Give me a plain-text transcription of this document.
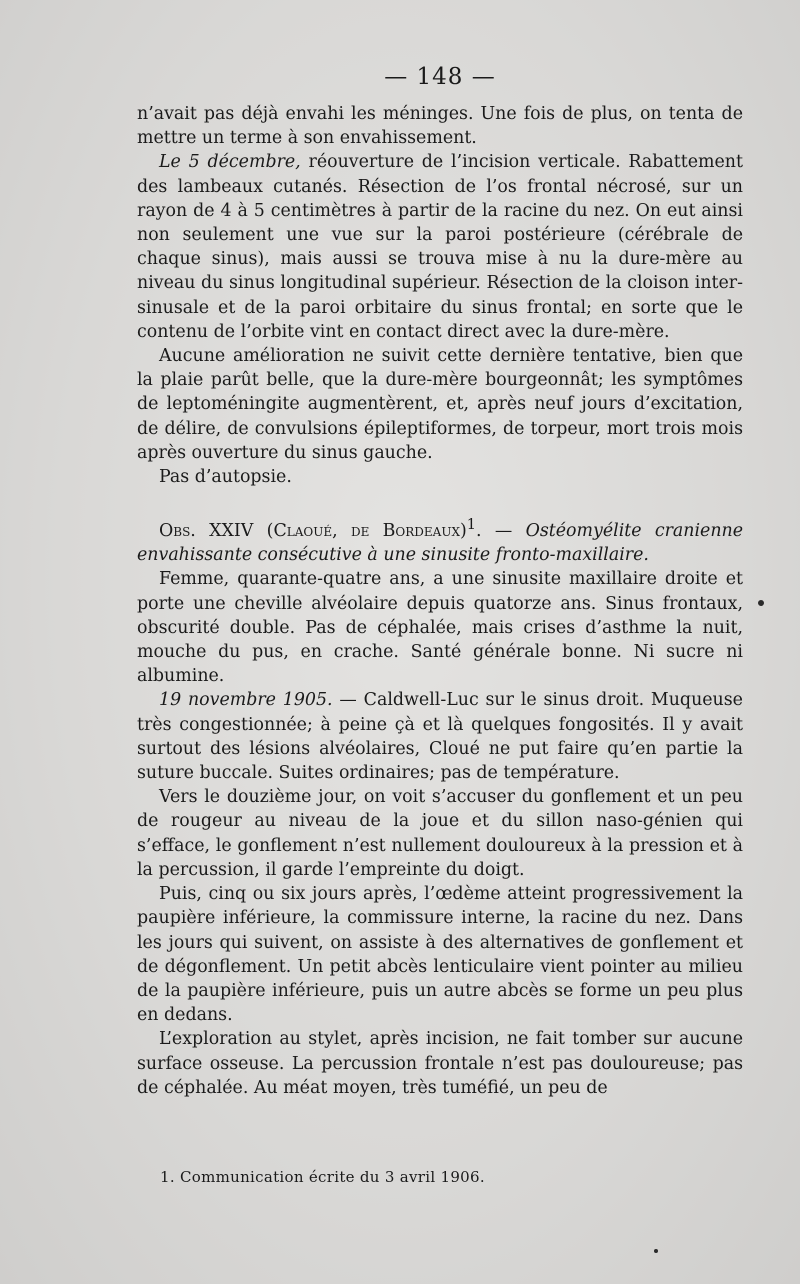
— 148 —

n’avait pas déjà envahi les méninges. Une fois de plus, on tenta de mettre un terme à son envahissement.

Le 5 décembre, réouverture de l’incision verticale. Rabattement des lambeaux cutanés. Résection de l’os frontal nécrosé, sur un rayon de 4 à 5 centimètres à partir de la racine du nez. On eut ainsi non seulement une vue sur la paroi postérieure (cérébrale de chaque sinus), mais aussi se trouva mise à nu la dure-mère au niveau du sinus longitudinal supérieur. Résection de la cloison inter-sinusale et de la paroi orbitaire du sinus frontal; en sorte que le contenu de l’orbite vint en contact direct avec la dure-mère.

Aucune amélioration ne suivit cette dernière tentative, bien que la plaie parût belle, que la dure-mère bourgeonnât; les symptômes de leptoméningite augmentèrent, et, après neuf jours d’excitation, de délire, de convulsions épileptiformes, de torpeur, mort trois mois après ouverture du sinus gauche.

Pas d’autopsie.

Obs. XXIV (Claoué, de Bordeaux)$^1$. — Ostéomyélite cranienne envahissante consécutive à une sinusite fronto-maxillaire.

Femme, quarante-quatre ans, a une sinusite maxillaire droite et porte une cheville alvéolaire depuis quatorze ans. Sinus frontaux, obscurité double. Pas de céphalée, mais crises d’asthme la nuit, mouche du pus, en crache. Santé générale bonne. Ni sucre ni albumine.

19 novembre 1905. — Caldwell-Luc sur le sinus droit. Muqueuse très congestionnée; à peine çà et là quelques fongosités. Il y avait surtout des lésions alvéolaires, Cloué ne put faire qu’en partie la suture buccale. Suites ordinaires; pas de température.

Vers le douzième jour, on voit s’accuser du gonflement et un peu de rougeur au niveau de la joue et du sillon naso-génien qui s’efface, le gonflement n’est nullement douloureux à la pression et à la percussion, il garde l’empreinte du doigt.

Puis, cinq ou six jours après, l’œdème atteint progressivement la paupière inférieure, la commissure interne, la racine du nez. Dans les jours qui suivent, on assiste à des alternatives de gonflement et de dégonflement. Un petit abcès lenticulaire vient pointer au milieu de la paupière inférieure, puis un autre abcès se forme un peu plus en dedans.

L’exploration au stylet, après incision, ne fait tomber sur aucune surface osseuse. La percussion frontale n’est pas douloureuse; pas de céphalée. Au méat moyen, très tuméfié, un peu de

1. Communication écrite du 3 avril 1906.
